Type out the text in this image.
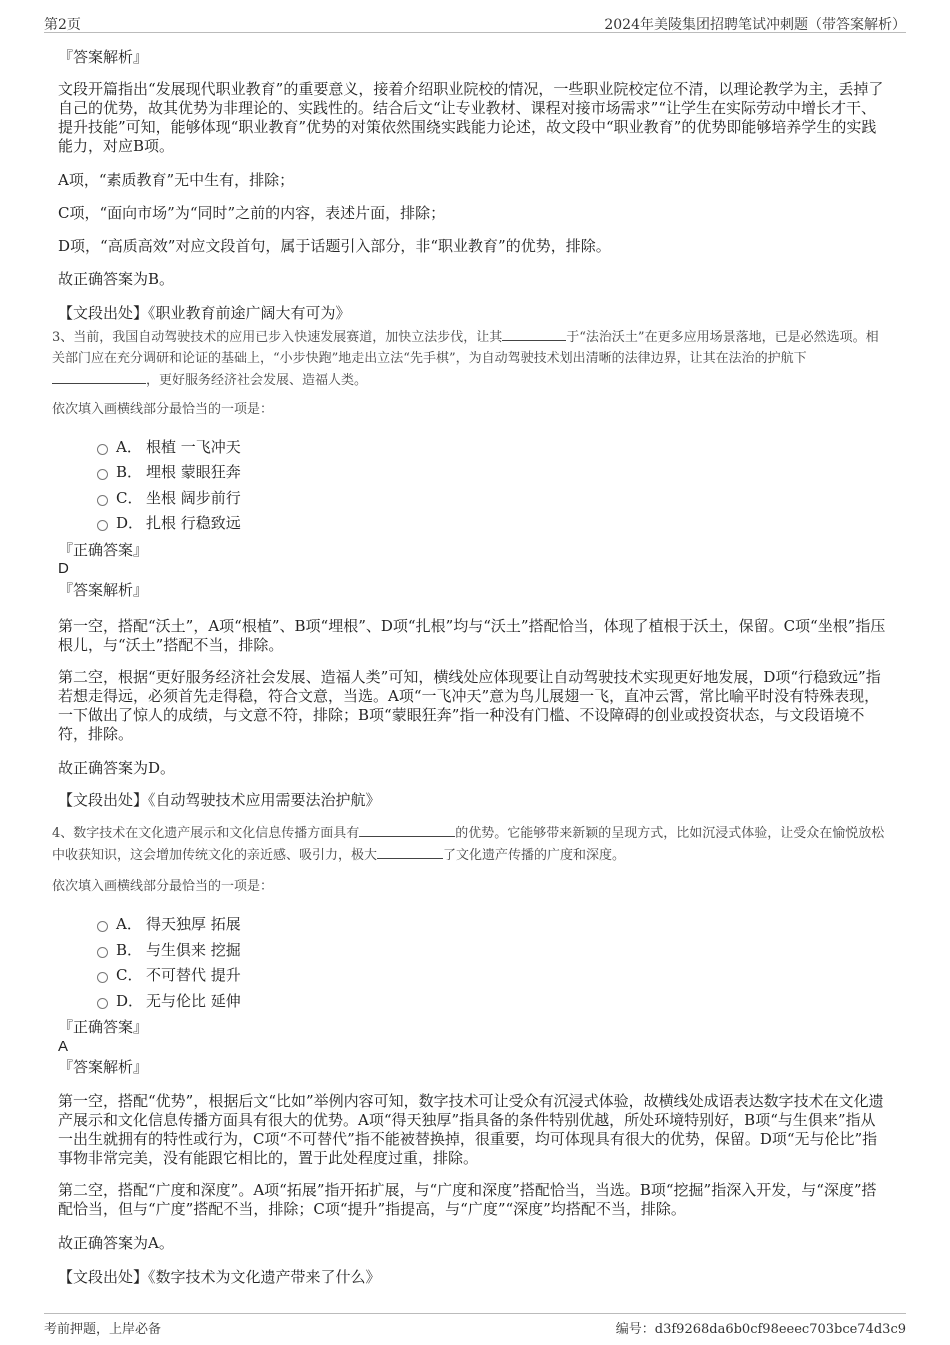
第2页	2024年美陵集团招聘笔试冲刺题（带答案解析）
『答案解析』
文段开篇指出“发展现代职业教育”的重要意义，接着介绍职业院校的情况，一些职业院校定位不清，以理论教学为主，丢掉了自己的优势，故其优势为非理论的、实践性的。结合后文“让专业教材、课程对接市场需求”“让学生在实际劳动中增长才干、提升技能”可知，能够体现“职业教育”优势的对策依然围绕实践能力论述，故文段中“职业教育”的优势即能够培养学生的实践能力，对应B项。
A项，“素质教育”无中生有，排除；
C项，“面向市场”为“同时”之前的内容，表述片面，排除；
D项，“高质高效”对应文段首句，属于话题引入部分，非“职业教育”的优势，排除。
故正确答案为B。
【文段出处】《职业教育前途广阔大有可为》
3、当前，我国自动驾驶技术的应用已步入快速发展赛道，加快立法步伐，让其	于“法治沃土”在更多应用场景落地，已是必然选项。相关部门应在充分调研和论证的基础上，“小步快跑”地走出立法“先手棋”，为自动驾驶技术划出清晰的法律边界，让其在法治的护航下，更好服务经济社会发展、造福人类。
依次填入画横线部分最恰当的一项是：
A． 根植 一飞冲天
B． 埋根 蒙眼狂奔
C． 坐根 阔步前行
D． 扎根 行稳致远
『正确答案』
D
『答案解析』
第一空，搭配“沃土”，A项“根植”、B项“埋根”、D项“扎根”均与“沃土”搭配恰当，体现了植根于沃土，保留。C项“坐根”指压根儿，与“沃土”搭配不当，排除。
第二空，根据“更好服务经济社会发展、造福人类”可知，横线处应体现要让自动驾驶技术实现更好地发展，D项“行稳致远”指若想走得远，必须首先走得稳，符合文意，当选。A项“一飞冲天”意为鸟儿展翅一飞，直冲云霄，常比喻平时没有特殊表现，一下做出了惊人的成绩，与文意不符，排除；B项“蒙眼狂奔”指一种没有门槛、不设障碍的创业或投资状态，与文段语境不符，排除。
故正确答案为D。
【文段出处】《自动驾驶技术应用需要法治护航》
4、数字技术在文化遗产展示和文化信息传播方面具有	的优势。它能够带来新颖的呈现方式，比如沉浸式体验，让受众在愉悦放松中收获知识，这会增加传统文化的亲近感、吸引力，极大	了文化遗产传播的广度和深度。
依次填入画横线部分最恰当的一项是：
A． 得天独厚 拓展
B． 与生俱来 挖掘
C． 不可替代 提升
D． 无与伦比 延伸
『正确答案』
A
『答案解析』
第一空，搭配“优势”，根据后文“比如”举例内容可知，数字技术可让受众有沉浸式体验，故横线处成语表达数字技术在文化遗产展示和文化信息传播方面具有很大的优势。A项“得天独厚”指具备的条件特别优越，所处环境特别好，B项“与生俱来”指从一出生就拥有的特性或行为，C项“不可替代”指不能被替换掉，很重要，均可体现具有很大的优势，保留。D项“无与伦比”指事物非常完美，没有能跟它相比的，置于此处程度过重，排除。
第二空，搭配“广度和深度”。A项“拓展”指开拓扩展，与“广度和深度”搭配恰当，当选。B项“挖掘”指深入开发，与“深度”搭配恰当，但与“广度”搭配不当，排除；C项“提升”指提高，与“广度”“深度”均搭配不当，排除。
故正确答案为A。
【文段出处】《数字技术为文化遗产带来了什么》
考前押题，上岸必备	编号：d3f9268da6b0cf98eeec703bce74d3c9
